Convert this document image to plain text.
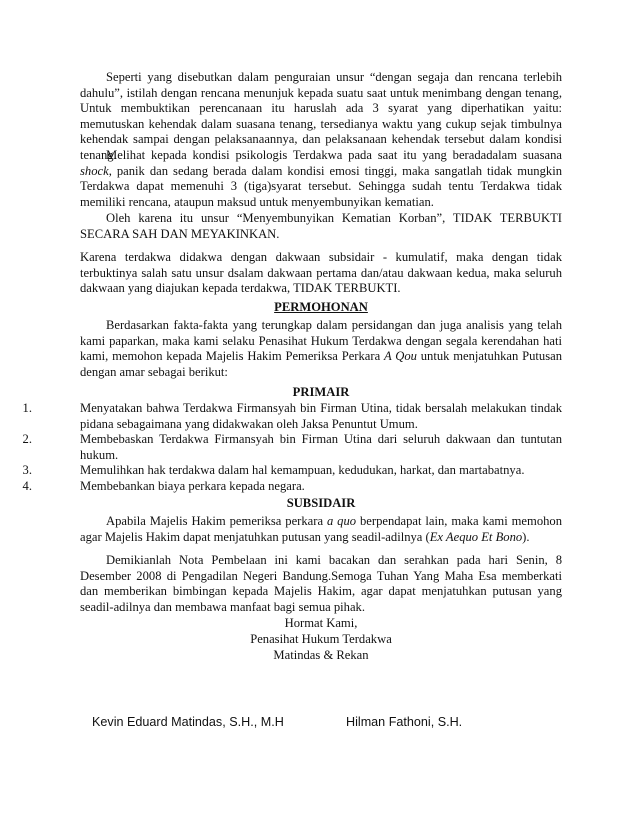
Seperti yang disebutkan dalam penguraian unsur “dengan segaja dan rencana terlebih dahulu”, istilah dengan rencana menunjuk kepada suatu saat untuk menimbang dengan tenang, Untuk membuktikan perencanaan itu haruslah ada 3 syarat yang diperhatikan yaitu: memutuskan kehendak dalam suasana tenang, tersedianya waktu yang cukup sejak timbulnya kehendak sampai dengan pelaksanaannya, dan pelaksanaan kehendak tersebut dalam kondisi tenang.

Melihat kepada kondisi psikologis Terdakwa pada saat itu yang beradadalam suasana shock, panik dan sedang berada dalam kondisi emosi tinggi, maka sangatlah tidak mungkin Terdakwa dapat memenuhi 3 (tiga)syarat tersebut. Sehingga sudah tentu Terdakwa tidak memiliki rencana, ataupun maksud untuk menyembunyikan kematian.

Oleh karena itu unsur “Menyembunyikan Kematian Korban”, TIDAK TERBUKTI SECARA SAH DAN MEYAKINKAN.

Karena terdakwa didakwa dengan dakwaan subsidair - kumulatif, maka dengan tidak terbuktinya salah satu unsur dsalam dakwaan pertama dan/atau dakwaan kedua, maka seluruh dakwaan yang diajukan kepada terdakwa, TIDAK TERBUKTI.

PERMOHONAN

Berdasarkan fakta-fakta yang terungkap dalam persidangan dan juga analisis yang telah kami paparkan, maka kami selaku Penasihat Hukum Terdakwa dengan segala kerendahan hati kami, memohon kepada Majelis Hakim Pemeriksa Perkara A Qou untuk menjatuhkan Putusan dengan amar sebagai berikut:

PRIMAIR

1.	Menyatakan bahwa Terdakwa Firmansyah bin Firman Utina, tidak bersalah melakukan tindak pidana sebagaimana yang didakwakan oleh Jaksa Penuntut Umum.
2.	Membebaskan Terdakwa Firmansyah bin Firman Utina dari seluruh dakwaan dan tuntutan hukum.
3.	Memulihkan hak terdakwa dalam hal kemampuan, kedudukan, harkat, dan martabatnya.
4.	Membebankan biaya perkara kepada negara.

SUBSIDAIR

Apabila Majelis Hakim pemeriksa perkara a quo berpendapat lain, maka kami memohon agar Majelis Hakim dapat menjatuhkan putusan yang seadil-adilnya (Ex Aequo Et Bono).

Demikianlah Nota Pembelaan ini kami bacakan dan serahkan pada hari Senin, 8 Desember 2008 di Pengadilan Negeri Bandung.Semoga Tuhan Yang Maha Esa memberkati dan memberikan bimbingan kepada Majelis Hakim, agar dapat menjatuhkan putusan yang seadil-adilnya dan membawa manfaat bagi semua pihak.

Hormat Kami,

Penasihat Hukum Terdakwa

Matindas & Rekan

Kevin Eduard Matindas, S.H., M.H	Hilman Fathoni, S.H.
